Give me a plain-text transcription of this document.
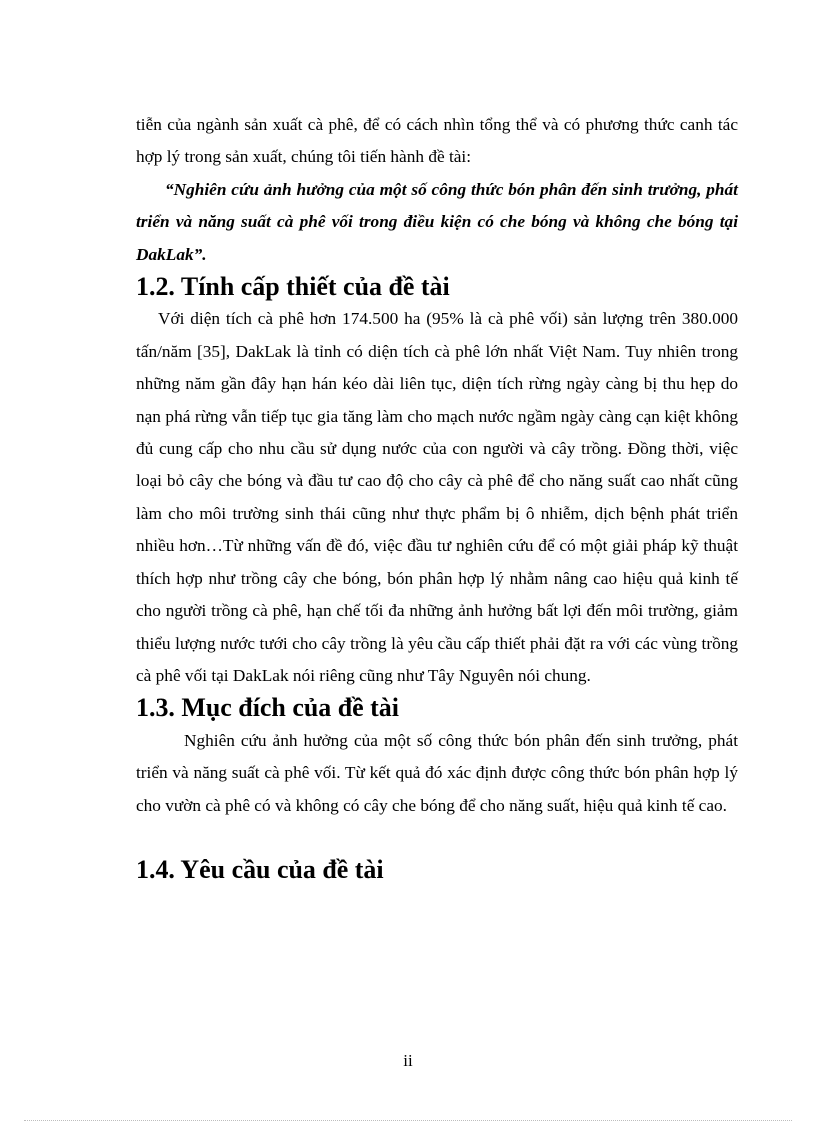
tiễn của ngành sản xuất cà phê, để có cách nhìn tổng thể và có phương thức canh tác hợp lý trong sản xuất, chúng tôi tiến hành đề tài:

“Nghiên cứu ảnh hưởng của một số công thức bón phân đến sinh trưởng, phát triển và năng suất cà phê vối trong điều kiện có che bóng và không che bóng tại DakLak”.

1.2. Tính cấp thiết của đề tài

Với diện tích cà phê hơn 174.500 ha (95% là cà phê vối) sản lượng trên 380.000 tấn/năm [35], DakLak là tỉnh có diện tích cà phê lớn nhất Việt Nam. Tuy nhiên trong những năm gần đây hạn hán kéo dài liên tục, diện tích rừng ngày càng bị thu hẹp do nạn phá rừng vẫn tiếp tục gia tăng làm cho mạch nước ngầm ngày càng cạn kiệt không đủ cung cấp cho nhu cầu sử dụng nước của con người và cây trồng. Đồng thời, việc loại bỏ cây che bóng và đầu tư cao độ cho cây cà phê để cho năng suất cao nhất cũng làm cho môi trường sinh thái cũng như thực phẩm bị ô nhiễm, dịch bệnh phát triển nhiều hơn…Từ những vấn đề đó, việc đầu tư nghiên cứu để có một giải pháp kỹ thuật thích hợp như trồng cây che bóng, bón phân hợp lý nhằm nâng cao hiệu quả kinh tế cho người trồng cà phê, hạn chế tối đa những ảnh hưởng bất lợi đến môi trường, giảm thiểu lượng nước tưới cho cây trồng là yêu cầu cấp thiết phải đặt ra với các vùng trồng cà phê vối tại DakLak nói riêng cũng như Tây Nguyên nói chung.

1.3. Mục đích của đề tài

Nghiên cứu ảnh hưởng của một số công thức bón phân đến sinh trưởng, phát triển và năng suất cà phê vối. Từ kết quả đó xác định được công thức bón phân hợp lý cho vườn cà phê có và không có cây che bóng để cho năng suất, hiệu quả kinh tế cao.

1.4. Yêu cầu của đề tài
ii
